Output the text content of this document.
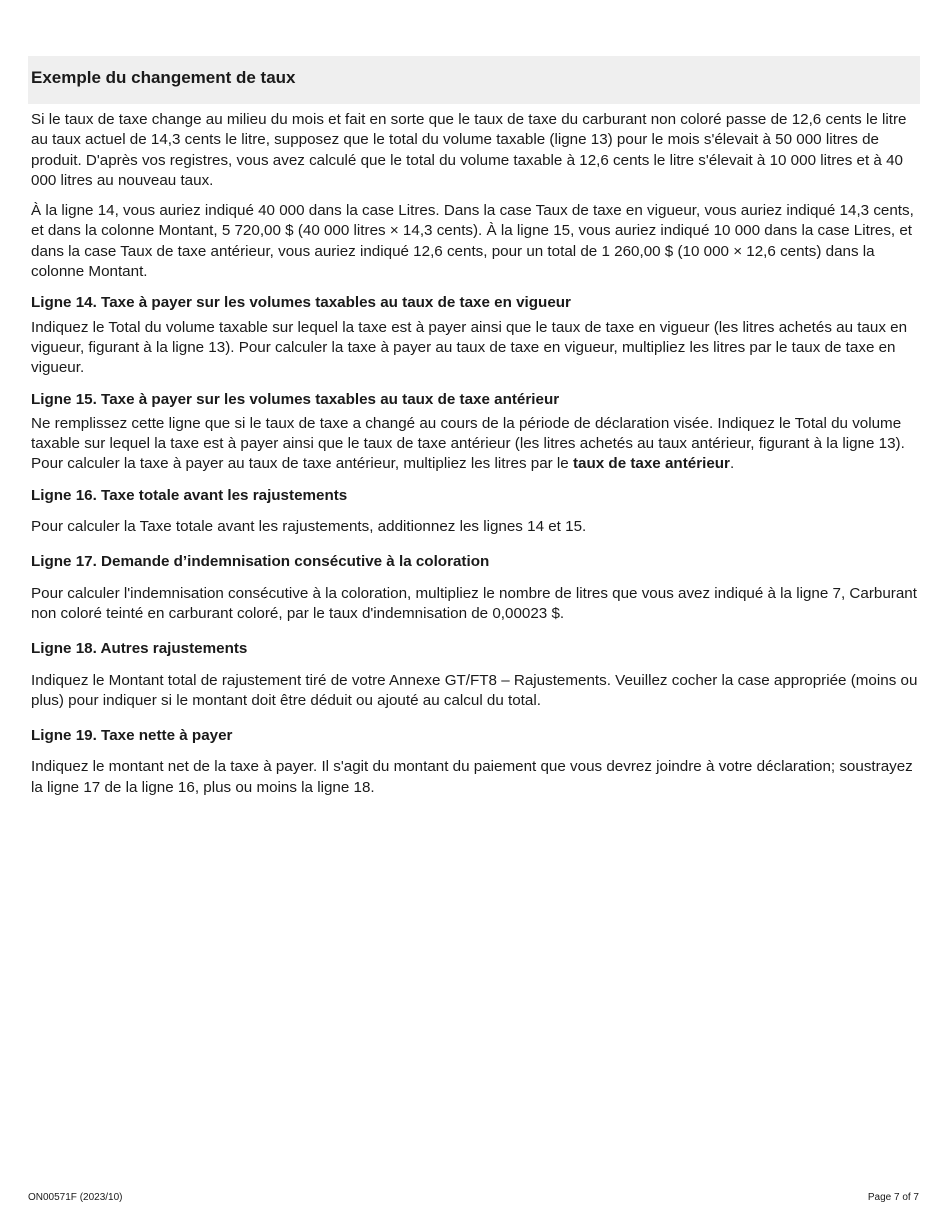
Exemple du changement de taux

Si le taux de taxe change au milieu du mois et fait en sorte que le taux de taxe du carburant non coloré passe de 12,6 cents le litre au taux actuel de 14,3 cents le litre, supposez que le total du volume taxable (ligne 13) pour le mois s'élevait à 50 000 litres de produit. D'après vos registres, vous avez calculé que le total du volume taxable à 12,6 cents le litre s'élevait à 10 000 litres et à 40 000 litres au nouveau taux.

À la ligne 14, vous auriez indiqué 40 000 dans la case Litres. Dans la case Taux de taxe en vigueur, vous auriez indiqué 14,3 cents, et dans la colonne Montant, 5 720,00 $ (40 000 litres × 14,3 cents). À la ligne 15, vous auriez indiqué 10 000 dans la case Litres, et dans la case Taux de taxe antérieur, vous auriez indiqué 12,6 cents, pour un total de 1 260,00 $ (10 000 × 12,6 cents) dans la colonne Montant.

Ligne 14. Taxe à payer sur les volumes taxables au taux de taxe en vigueur

Indiquez le Total du volume taxable sur lequel la taxe est à payer ainsi que le taux de taxe en vigueur (les litres achetés au taux en vigueur, figurant à la ligne 13). Pour calculer la taxe à payer au taux de taxe en vigueur, multipliez les litres par le taux de taxe en vigueur.

Ligne 15. Taxe à payer sur les volumes taxables au taux de taxe antérieur

Ne remplissez cette ligne que si le taux de taxe a changé au cours de la période de déclaration visée. Indiquez le Total du volume taxable sur lequel la taxe est à payer ainsi que le taux de taxe antérieur (les litres achetés au taux antérieur, figurant à la ligne 13). Pour calculer la taxe à payer au taux de taxe antérieur, multipliez les litres par le taux de taxe antérieur.

Ligne 16. Taxe totale avant les rajustements

Pour calculer la Taxe totale avant les rajustements, additionnez les lignes 14 et 15.

Ligne 17. Demande d’indemnisation consécutive à la coloration

Pour calculer l'indemnisation consécutive à la coloration, multipliez le nombre de litres que vous avez indiqué à la ligne 7, Carburant non coloré teinté en carburant coloré, par le taux d'indemnisation de 0,00023 $.

Ligne 18. Autres rajustements

Indiquez le Montant total de rajustement tiré de votre Annexe GT/FT8 – Rajustements. Veuillez cocher la case appropriée (moins ou plus) pour indiquer si le montant doit être déduit ou ajouté au calcul du total.

Ligne 19. Taxe nette à payer

Indiquez le montant net de la taxe à payer. Il s'agit du montant du paiement que vous devrez joindre à votre déclaration; soustrayez la ligne 17 de la ligne 16, plus ou moins la ligne 18.

ON00571F (2023/10)	Page 7 of 7
